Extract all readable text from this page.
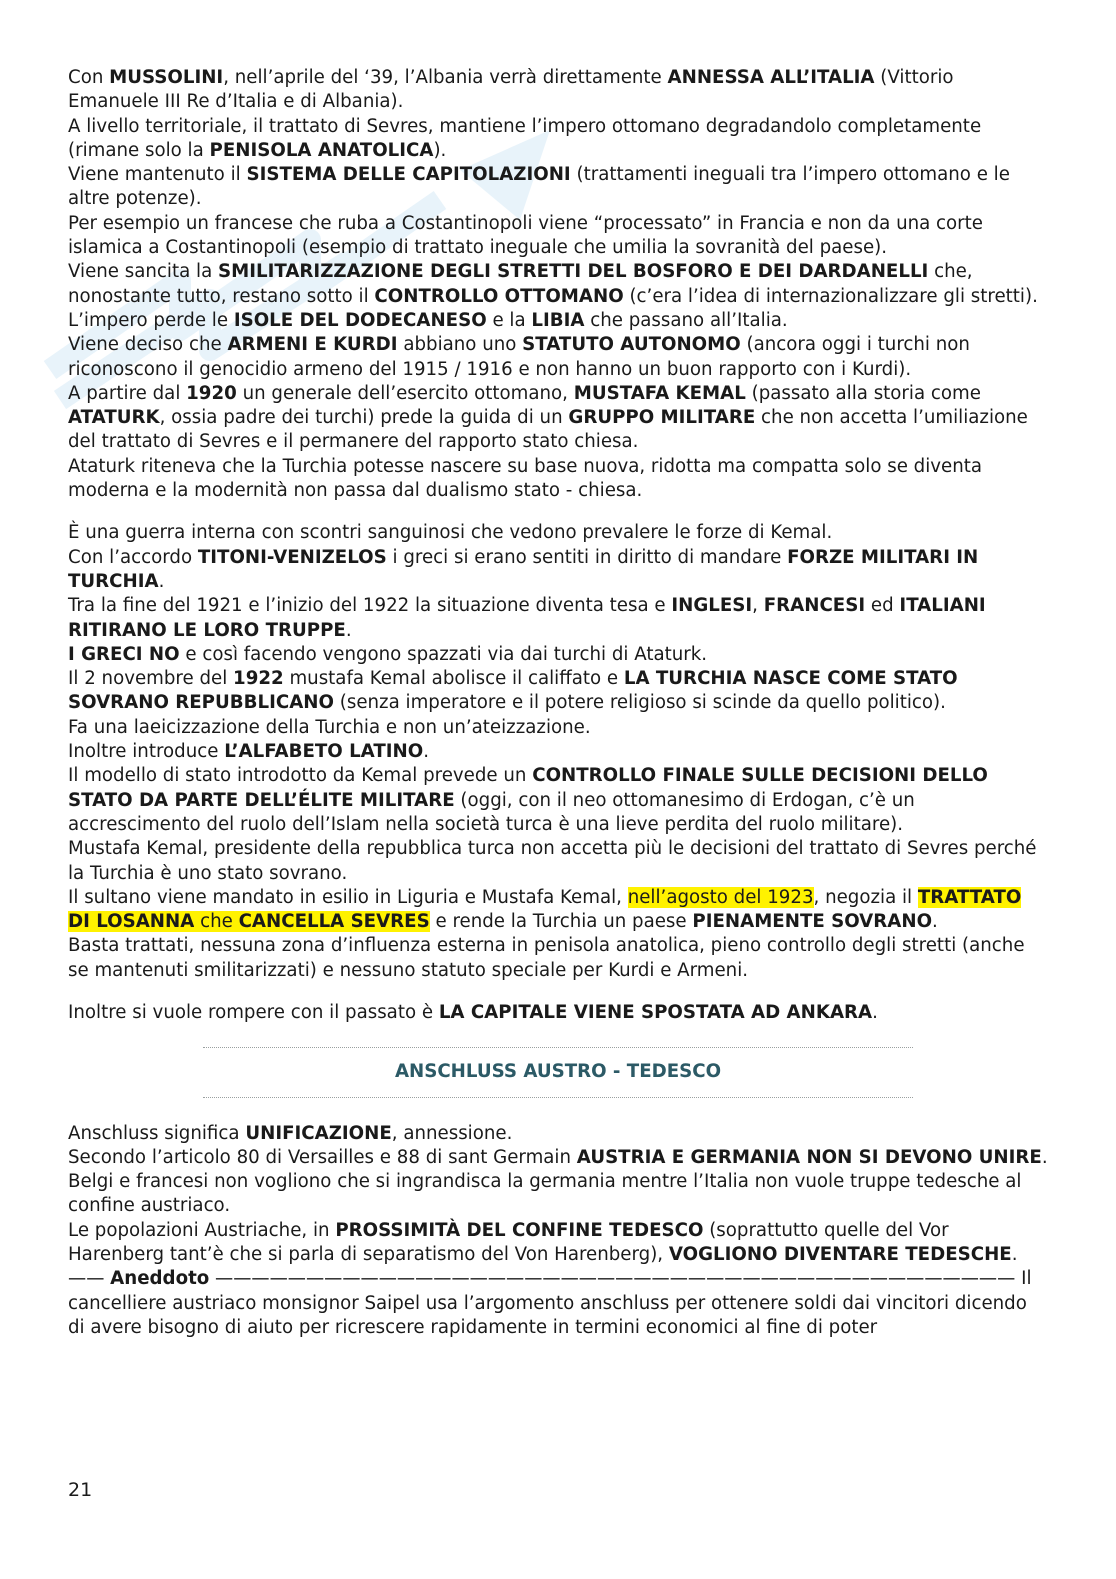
Con MUSSOLINI, nell’aprile del ‘39, l’Albania verrà direttamente ANNESSA ALL’ITALIA (Vittorio Emanuele III Re d’Italia e di Albania).

A livello territoriale, il trattato di Sevres, mantiene l’impero ottomano degradandolo completamente (rimane solo la PENISOLA ANATOLICA).

Viene mantenuto il SISTEMA DELLE CAPITOLAZIONI (trattamenti ineguali tra l’impero ottomano e le altre potenze).

Per esempio un francese che ruba a Costantinopoli viene “processato” in Francia e non da una corte islamica a Costantinopoli (esempio di trattato ineguale che umilia la sovranità del paese).

Viene sancita la SMILITARIZZAZIONE DEGLI STRETTI DEL BOSFORO E DEI DARDANELLI che, nonostante tutto, restano sotto il CONTROLLO OTTOMANO (c’era l’idea di internazionalizzare gli stretti).

L’impero perde le ISOLE DEL DODECANESO e la LIBIA che passano all’Italia.

Viene deciso che ARMENI E KURDI abbiano uno STATUTO AUTONOMO (ancora oggi i turchi non riconoscono il genocidio armeno del 1915 / 1916 e non hanno un buon rapporto con i Kurdi).

A partire dal 1920 un generale dell’esercito ottomano, MUSTAFA KEMAL (passato alla storia come ATATURK, ossia padre dei turchi) prede la guida di un GRUPPO MILITARE che non accetta l’umiliazione del trattato di Sevres e il permanere del rapporto stato chiesa.

Ataturk riteneva che la Turchia potesse nascere su base nuova, ridotta ma compatta solo se diventa moderna e la modernità non passa dal dualismo stato - chiesa.

È una guerra interna con scontri sanguinosi che vedono prevalere le forze di Kemal.

Con l’accordo TITONI-VENIZELOS i greci si erano sentiti in diritto di mandare FORZE MILITARI IN TURCHIA.

Tra la fine del 1921 e l’inizio del 1922 la situazione diventa tesa e INGLESI, FRANCESI ed ITALIANI RITIRANO LE LORO TRUPPE.

I GRECI NO e così facendo vengono spazzati via dai turchi di Ataturk.

Il 2 novembre del 1922 mustafa Kemal abolisce il califfato e LA TURCHIA NASCE COME STATO SOVRANO REPUBBLICANO (senza imperatore e il potere religioso si scinde da quello politico).

Fa una laeicizzazione della Turchia e non un’ateizzazione.

Inoltre introduce L’ALFABETO LATINO.

Il modello di stato introdotto da Kemal prevede un CONTROLLO FINALE SULLE DECISIONI DELLO STATO DA PARTE DELL’ÉLITE MILITARE (oggi, con il neo ottomanesimo di Erdogan, c’è un accrescimento del ruolo dell’Islam nella società turca è una lieve perdita del ruolo militare).

Mustafa Kemal, presidente della repubblica turca non accetta più le decisioni del trattato di Sevres perché la Turchia è uno stato sovrano.

Il sultano viene mandato in esilio in Liguria e Mustafa Kemal, nell’agosto del 1923, negozia il TRATTATO DI LOSANNA che CANCELLA SEVRES e rende la Turchia un paese PIENAMENTE SOVRANO.

Basta trattati, nessuna zona d’influenza esterna in penisola anatolica, pieno controllo degli stretti (anche se mantenuti smilitarizzati) e nessuno statuto speciale per Kurdi e Armeni.

Inoltre si vuole rompere con il passato è LA CAPITALE VIENE SPOSTATA AD ANKARA.

ANSCHLUSS AUSTRO - TEDESCO

Anschluss significa UNIFICAZIONE, annessione.

Secondo l’articolo 80 di Versailles e 88 di sant Germain AUSTRIA E GERMANIA NON SI DEVONO UNIRE.

Belgi e francesi non vogliono che si ingrandisca la germania mentre l’Italia non vuole truppe tedesche al confine austriaco.

Le popolazioni Austriache, in PROSSIMITÀ DEL CONFINE TEDESCO (soprattutto quelle del Vor Harenberg tant’è che si parla di separatismo del Von Harenberg), VOGLIONO DIVENTARE TEDESCHE.

—— Aneddoto ———————————————————————————————————————————— Il cancelliere austriaco monsignor Saipel usa l’argomento anschluss per ottenere soldi dai vincitori dicendo di avere bisogno di aiuto per ricrescere rapidamente in termini economici al fine di poter

21
